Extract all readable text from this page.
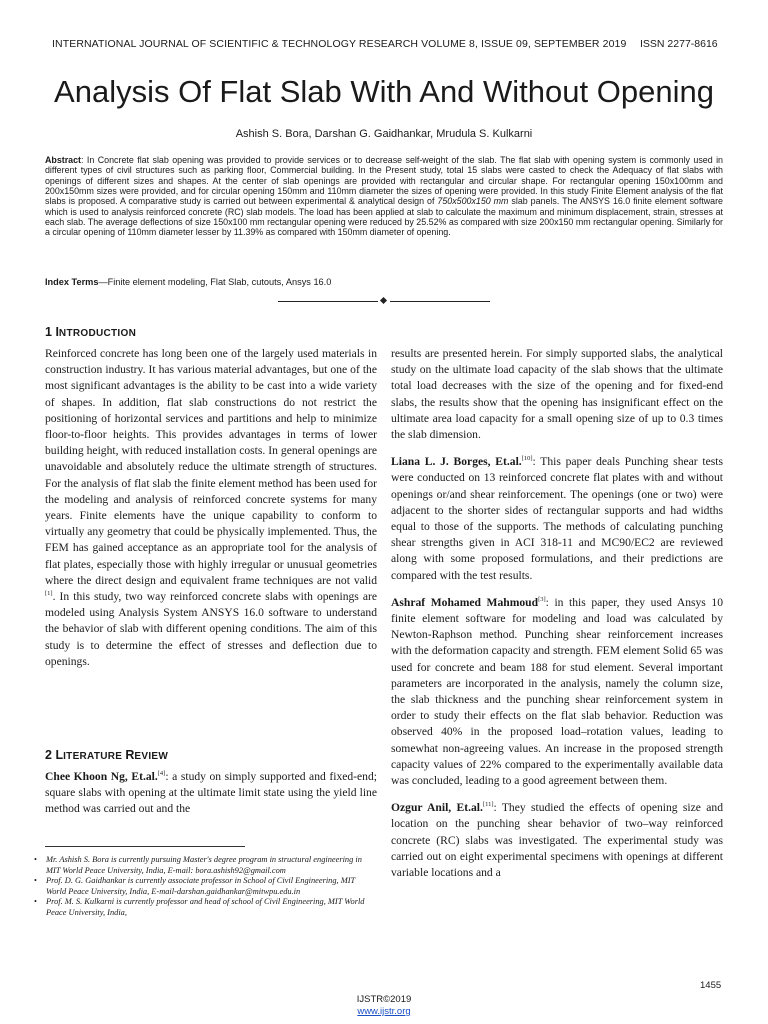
INTERNATIONAL JOURNAL OF SCIENTIFIC & TECHNOLOGY RESEARCH VOLUME 8, ISSUE 09, SEPTEMBER 2019 ISSN 2277-8616
Analysis Of Flat Slab With And Without Opening
Ashish S. Bora, Darshan G. Gaidhankar, Mrudula S. Kulkarni
Abstract: In Concrete flat slab opening was provided to provide services or to decrease self-weight of the slab. The flat slab with opening system is commonly used in different types of civil structures such as parking floor, Commercial building. In the Present study, total 15 slabs were casted to check the Adequacy of flat slabs with openings of different sizes and shapes. At the center of slab openings are provided with rectangular and circular shape. For rectangular opening 150x100mm and 200x150mm sizes were provided, and for circular opening 150mm and 110mm diameter the sizes of opening were provided. In this study Finite Element analysis of the flat slabs is proposed. A comparative study is carried out between experimental & analytical design of 750x500x150 mm slab panels. The ANSYS 16.0 finite element software which is used to analysis reinforced concrete (RC) slab models. The load has been applied at slab to calculate the maximum and minimum displacement, strain, stresses at each slab. The average deflections of size 150x100 mm rectangular opening were reduced by 25.52% as compared with size 200x150 mm rectangular opening. Similarly for a circular opening of 110mm diameter lesser by 11.39% as compared with 150mm diameter of opening.
Index Terms—Finite element modeling, Flat Slab, cutouts, Ansys 16.0
1 INTRODUCTION

Reinforced concrete has long been one of the largely used materials in construction industry. It has various material advantages, but one of the most significant advantages is the ability to be cast into a wide variety of shapes. In addition, flat slab constructions do not restrict the positioning of horizontal services and partitions and help to minimize floor-to-floor heights. This provides advantages in terms of lower building height, with reduced installation costs. In general openings are unavoidable and absolutely reduce the ultimate strength of structures. For the analysis of flat slab the finite element method has been used for the modeling and analysis of reinforced concrete systems for many years. Finite elements have the unique capability to conform to virtually any geometry that could be physically implemented. Thus, the FEM has gained acceptance as an appropriate tool for the analysis of flat plates, especially those with highly irregular or unusual geometries where the direct design and equivalent frame techniques are not valid [1]. In this study, two way reinforced concrete slabs with openings are modeled using Analysis System ANSYS 16.0 software to understand the behavior of slab with different opening conditions. The aim of this study is to determine the effect of stresses and deflection due to openings.

2 LITERATURE REVIEW

Chee Khoon Ng, Et.al.[4]: a study on simply supported and fixed-end; square slabs with opening at the ultimate limit state using the yield line method was carried out and the

• Mr. Ashish S. Bora is currently pursuing Master's degree program in structural engineering in MIT World Peace University, India, E-mail: bora.ashish92@gmail.com
• Prof. D. G. Gaidhankar is currently associate professor in School of Civil Engineering, MIT World Peace University, India, E-mail-darshan.gaidhankar@mitwpu.edu.in
• Prof. M. S. Kulkarni is currently professor and head of school of Civil Engineering, MIT World Peace University, India,

results are presented herein. For simply supported slabs, the analytical study on the ultimate load capacity of the slab shows that the ultimate total load decreases with the size of the opening and for fixed-end slabs, the results show that the opening has insignificant effect on the ultimate area load capacity for a small opening size of up to 0.3 times the slab dimension.

Liana L. J. Borges, Et.al.[10]: This paper deals Punching shear tests were conducted on 13 reinforced concrete flat plates with and without openings or/and shear reinforcement. The openings (one or two) were adjacent to the shorter sides of rectangular supports and had widths equal to those of the supports. The methods of calculating punching shear strengths given in ACI 318-11 and MC90/EC2 are reviewed along with some proposed formulations, and their predictions are compared with the test results.

Ashraf Mohamed Mahmoud[3]: in this paper, they used Ansys 10 finite element software for modeling and load was calculated by Newton-Raphson method. Punching shear reinforcement increases with the deformation capacity and strength. FEM element Solid 65 was used for concrete and beam 188 for stud element. Several important parameters are incorporated in the analysis, namely the column size, the slab thickness and the punching shear reinforcement system in order to study their effects on the flat slab behavior. Reduction was observed 40% in the proposed load–rotation values, leading to somewhat non-agreeing values. An increase in the proposed strength capacity values of 22% compared to the experimentally available data was concluded, leading to a good agreement between them.

Ozgur Anil, Et.al.[11]: They studied the effects of opening size and location on the punching shear behavior of two–way reinforced concrete (RC) slabs was investigated. The experimental study was carried out on eight experimental specimens with openings at different variable locations and a

1455
IJSTR©2019
www.ijstr.org
